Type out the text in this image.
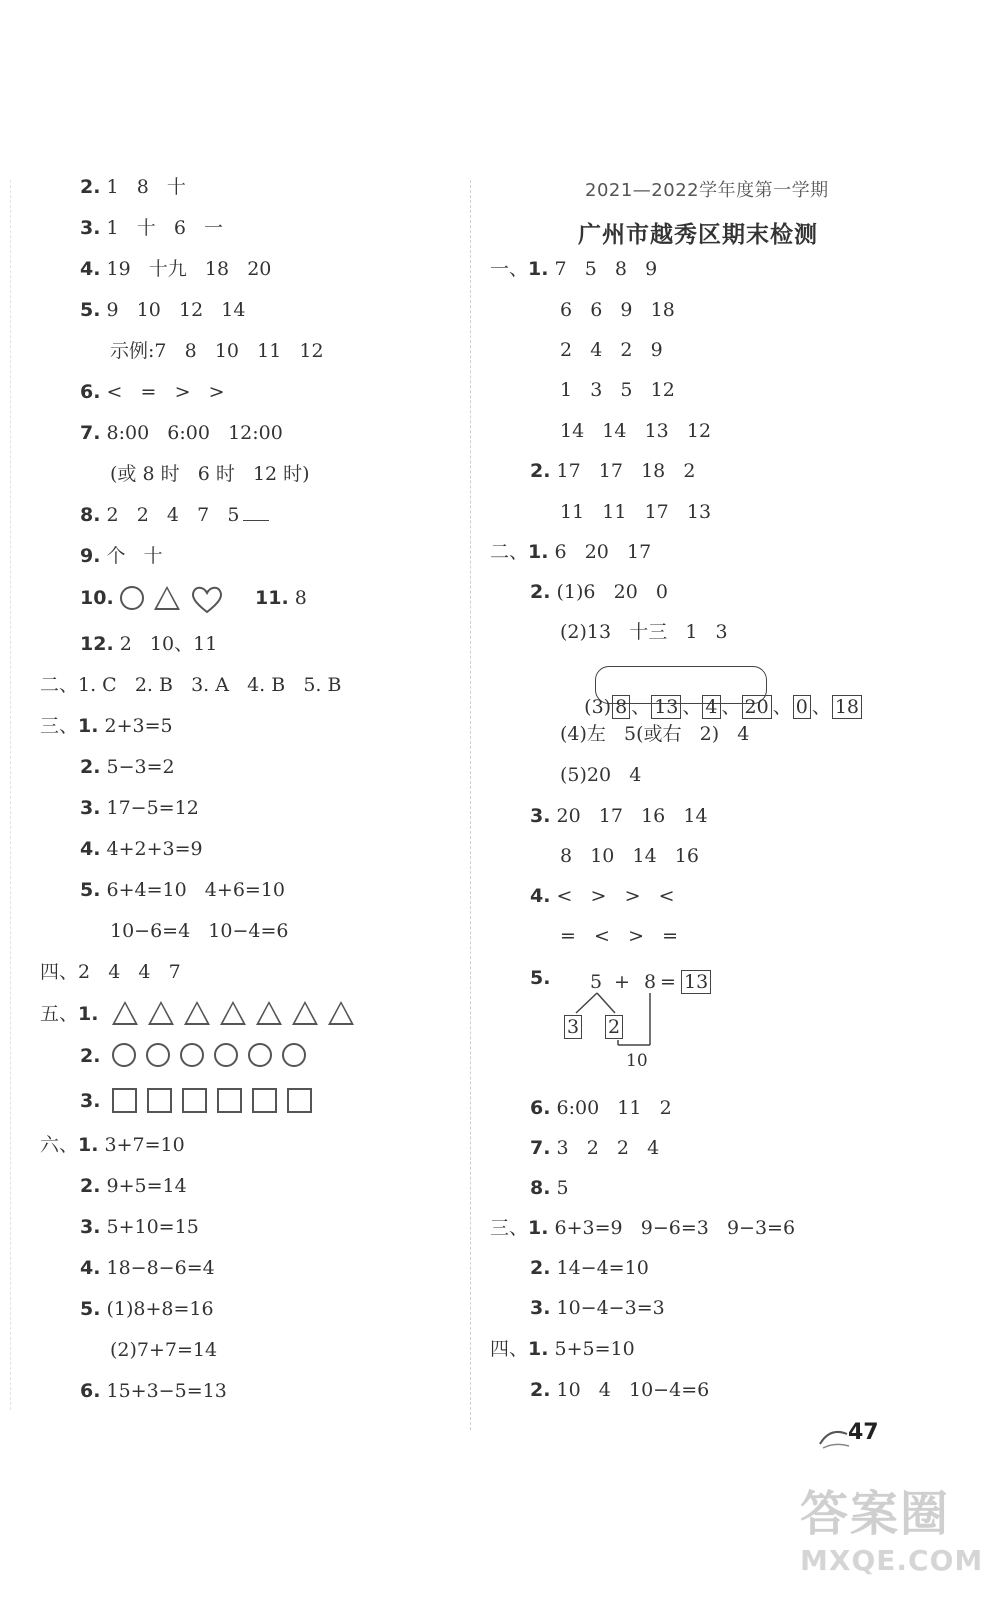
2. 1   8   十
3. 1   十   6   一
4. 19   十九   18   20
5. 9   10   12   14
示例:7   8   10   11   12
6. <   =   >   >
7. 8:00   6:00   12:00
(或 8 时   6 时   12 时)
8. 2   2   4   7   5
9. 个   十
10.	11. 8
12. 2   10、11
二、1. C   2. B   3. A   4. B   5. B
三、1. 2+3=5
2. 5−3=2
3. 17−5=12
4. 4+2+3=9
5. 6+4=10   4+6=10
10−6=4   10−4=6
四、2   4   4   7
五、1.
2.
3.
六、1. 3+7=10
2. 9+5=14
3. 5+10=15
4. 18−8−6=4
5. (1)8+8=16
(2)7+7=14
6. 15+3−5=13
2021—2022学年度第一学期
广州市越秀区期末检测
一、1. 7   5   8   9
6   6   9   18
2   4   2   9
1   3   5   12
14   14   13   12
2. 17   17   18   2
11   11   17   13
二、1. 6   20   17
2. (1)6   20   0
(2)13   十三   1   3

(3) 8 、 13 、 4 、 20 、 0 、 18

(4)左   5(或右   2)   4
(5)20   4
3. 20   17   16   14
8   10   14   16
4. <   >   >   <
=   <   >   =
5. 5 + 8 = 13
3 2
10
6. 6:00   11   2
7. 3   2   2   4
8. 5
三、1. 6+3=9   9−6=3   9−3=6
2. 14−4=10
3. 10−4−3=3
四、1. 5+5=10
2. 10   4   10−4=6
47
答案圈
MXQE.COM
